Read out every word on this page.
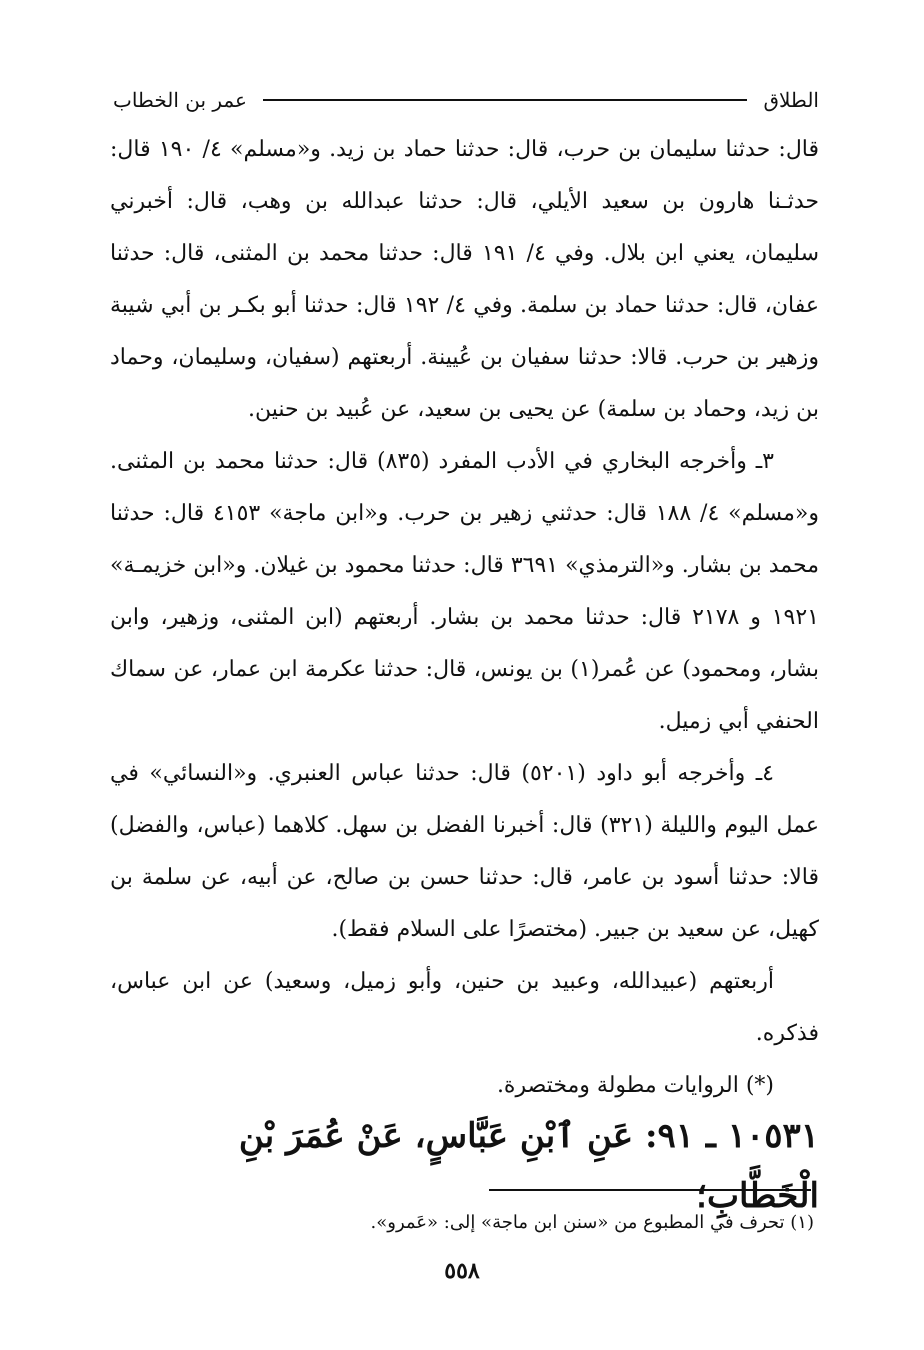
الطلاق
عمر بن الخطاب

قال: حدثنا سليمان بن حرب، قال: حدثنا حماد بن زيد. و«مسلم» ٤/ ١٩٠ قال: حدثـنا هارون بن سعيد الأيلي، قال: حدثنا عبدالله بن وهب، قال: أخبرني سليمان، يعني ابن بلال. وفي ٤/ ١٩١ قال: حدثنا محمد بن المثنى، قال: حدثنا عفان، قال: حدثنا حماد بن سلمة. وفي ٤/ ١٩٢ قال: حدثنا أبو بكـر بن أبي شيبة وزهير بن حرب. قالا: حدثنا سفيان بن عُيينة. أربعتهم (سفيان، وسليمان، وحماد بن زيد، وحماد بن سلمة) عن يحيى بن سعيد، عن عُبيد بن حنين.

٣ـ وأخرجه البخاري في الأدب المفرد (٨٣٥) قال: حدثنا محمد بن المثنى. و«مسلم» ٤/ ١٨٨ قال: حدثني زهير بن حرب. و«ابن ماجة» ٤١٥٣ قال: حدثنا محمد بن بشار. و«الترمذي» ٣٦٩١ قال: حدثنا محمود بن غيلان. و«ابن خزيمـة» ١٩٢١ و ٢١٧٨ قال: حدثنا محمد بن بشار. أربعتهم (ابن المثنى، وزهير، وابن بشار، ومحمود) عن عُمر(١) بن يونس، قال: حدثنا عكرمة ابن عمار، عن سماك الحنفي أبي زميل.

٤ـ وأخرجه أبو داود (٥٢٠١) قال: حدثنا عباس العنبري. و«النسائي» في عمل اليوم والليلة (٣٢١) قال: أخبرنا الفضل بن سهل. كلاهما (عباس، والفضل) قالا: حدثنا أسود بن عامر، قال: حدثنا حسن بن صالح، عن أبيه، عن سلمة بن كهيل، عن سعيد بن جبير. (مختصرًا على السلام فقط).

أربعتهم (عبيدالله، وعبيد بن حنين، وأبو زميل، وسعيد) عن ابن عباس، فذكره.

(*) الروايات مطولة ومختصرة.

١٠٥٣١ ـ ٩١: عَنِ ٱبْنِ عَبَّاسٍ، عَنْ عُمَرَ بْنِ الْخَطَّابِ؛
(١) تحرف في المطبوع من «سنن ابن ماجة» إلى: «عَمرو».
٥٥٨
